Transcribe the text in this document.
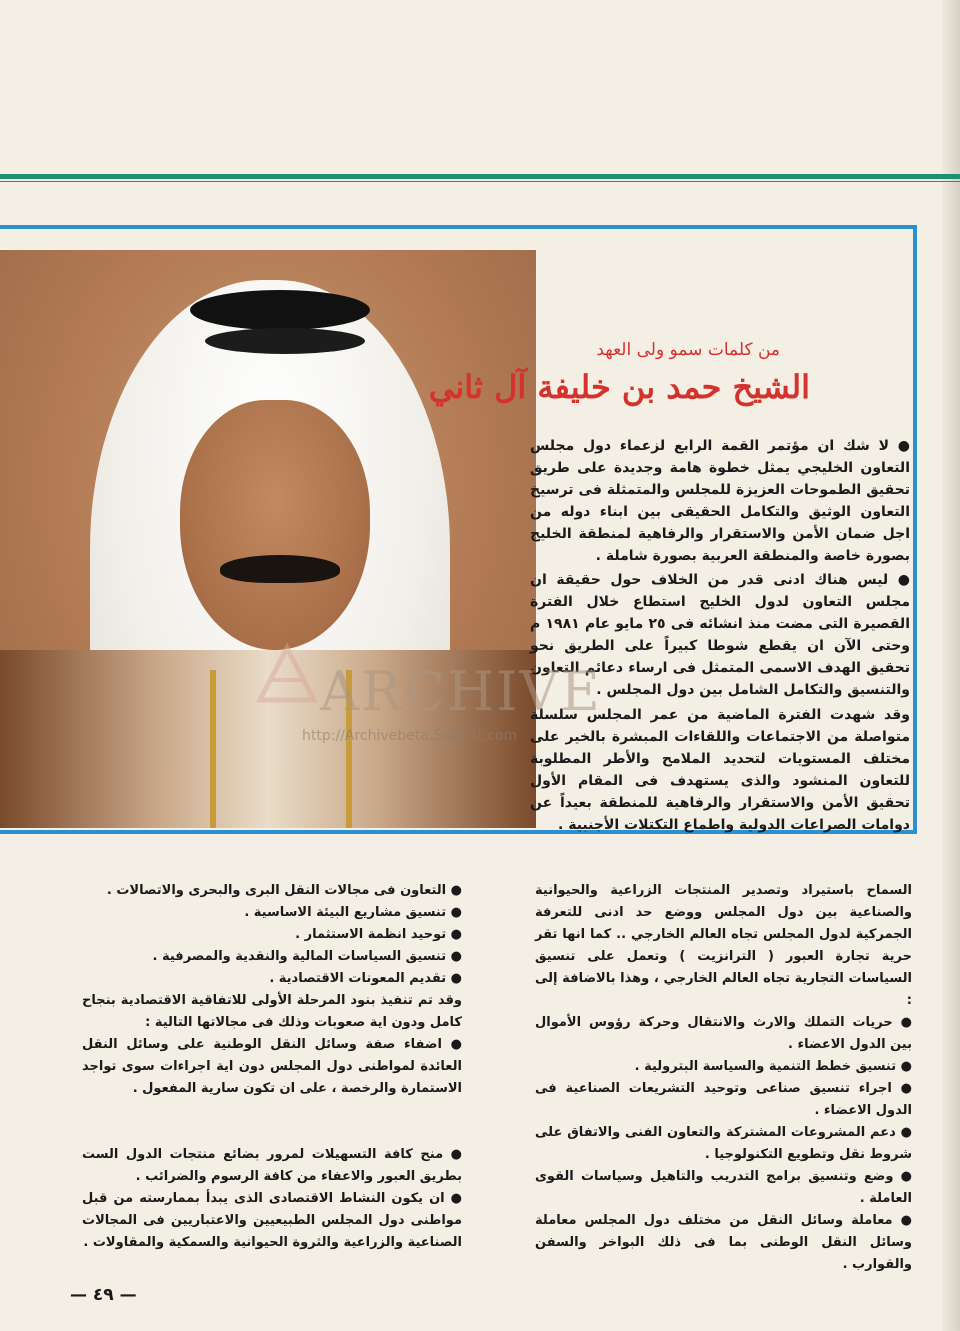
من كلمات سمو ولى العهد
الشيخ حمد بن خليفة آل ثاني

● لا شك ان مؤتمر القمة الرابع لزعماء دول مجلس التعاون الخليجي يمثل خطوة هامة وجديدة على طريق تحقيق الطموحات العزيزة للمجلس والمتمثلة فى ترسيخ التعاون الوثيق والتكامل الحقيقى بين ابناء دوله من اجل ضمان الأمن والاستقرار والرفاهية لمنطقة الخليج بصورة خاصة والمنطقة العربية بصورة شاملة .

● ليس هناك ادنى قدر من الخلاف حول حقيقة ان مجلس التعاون لدول الخليج استطاع خلال الفترة القصيرة التى مضت منذ انشائه فى ٢٥ مايو عام ١٩٨١ م وحتى الآن ان يقطع شوطا كبيراً على الطريق نحو تحقيق الهدف الاسمى المتمثل فى ارساء دعائم التعاون والتنسيق والتكامل الشامل بين دول المجلس .

وقد شهدت الفترة الماضية من عمر المجلس سلسلة متواصلة من الاجتماعات واللقاءات المبشرة بالخير على مختلف المستويات لتحديد الملامح والأطر المطلوبة للتعاون المنشود والذى يستهدف فى المقام الأول تحقيق الأمن والاستقرار والرفاهية للمنطقة بعيداً عن دوامات الصراعات الدولية واطماع التكتلات الأجنبية .

ARCHIVE
http://Archivebeta.Sakhrit.com

السماح باستيراد وتصدير المنتجات الزراعية والحيوانية والصناعية بين دول المجلس ووضع حد ادنى للتعرفة الجمركية لدول المجلس تجاه العالم الخارجي .. كما انها تقر حرية تجارة العبور ( الترانزيت ) وتعمل على تنسيق السياسات التجارية تجاه العالم الخارجي ، وهذا بالاضافة إلى :

● حريات التملك والارث والانتقال وحركة رؤوس الأموال بين الدول الاعضاء .

● تنسيق خطط التنمية والسياسة البترولية .

● اجراء تنسيق صناعى وتوحيد التشريعات الصناعية فى الدول الاعضاء .

● دعم المشروعات المشتركة والتعاون الفنى والاتفاق على شروط نقل وتطويع التكنولوجيا .

● وضع وتنسيق برامج التدريب والتاهيل وسياسات القوى العاملة .

● معاملة وسائل النقل من مختلف دول المجلس معاملة وسائل النقل الوطنى بما فى ذلك البواخر والسفن والقوارب .

● التعاون فى مجالات النقل البرى والبحرى والاتصالات .

● تنسيق مشاريع البيئة الاساسية .

● توحيد انظمة الاستثمار .

● تنسيق السياسات المالية والنقدية والمصرفية .

● تقديم المعونات الاقتصادية .

وقد تم تنفيذ بنود المرحلة الأولى للاتفاقية الاقتصادية بنجاح كامل ودون اية صعوبات وذلك فى مجالاتها التالية :

● اضفاء صفة وسائل النقل الوطنية على وسائل النقل العائدة لمواطنى دول المجلس دون اية اجراءات سوى تواجد الاستمارة والرخصة ، على ان تكون سارية المفعول .

● منح كافة التسهيلات لمرور بضائع منتجات الدول الست بطريق العبور والاعفاء من كافة الرسوم والضرائب .

● ان يكون النشاط الاقتصادى الذى يبدأ بممارسته من قبل مواطنى دول المجلس الطبيعيين والاعتباريين فى المجالات الصناعية والزراعية والثروة الحيوانية والسمكية والمقاولات .

— ٤٩ —
